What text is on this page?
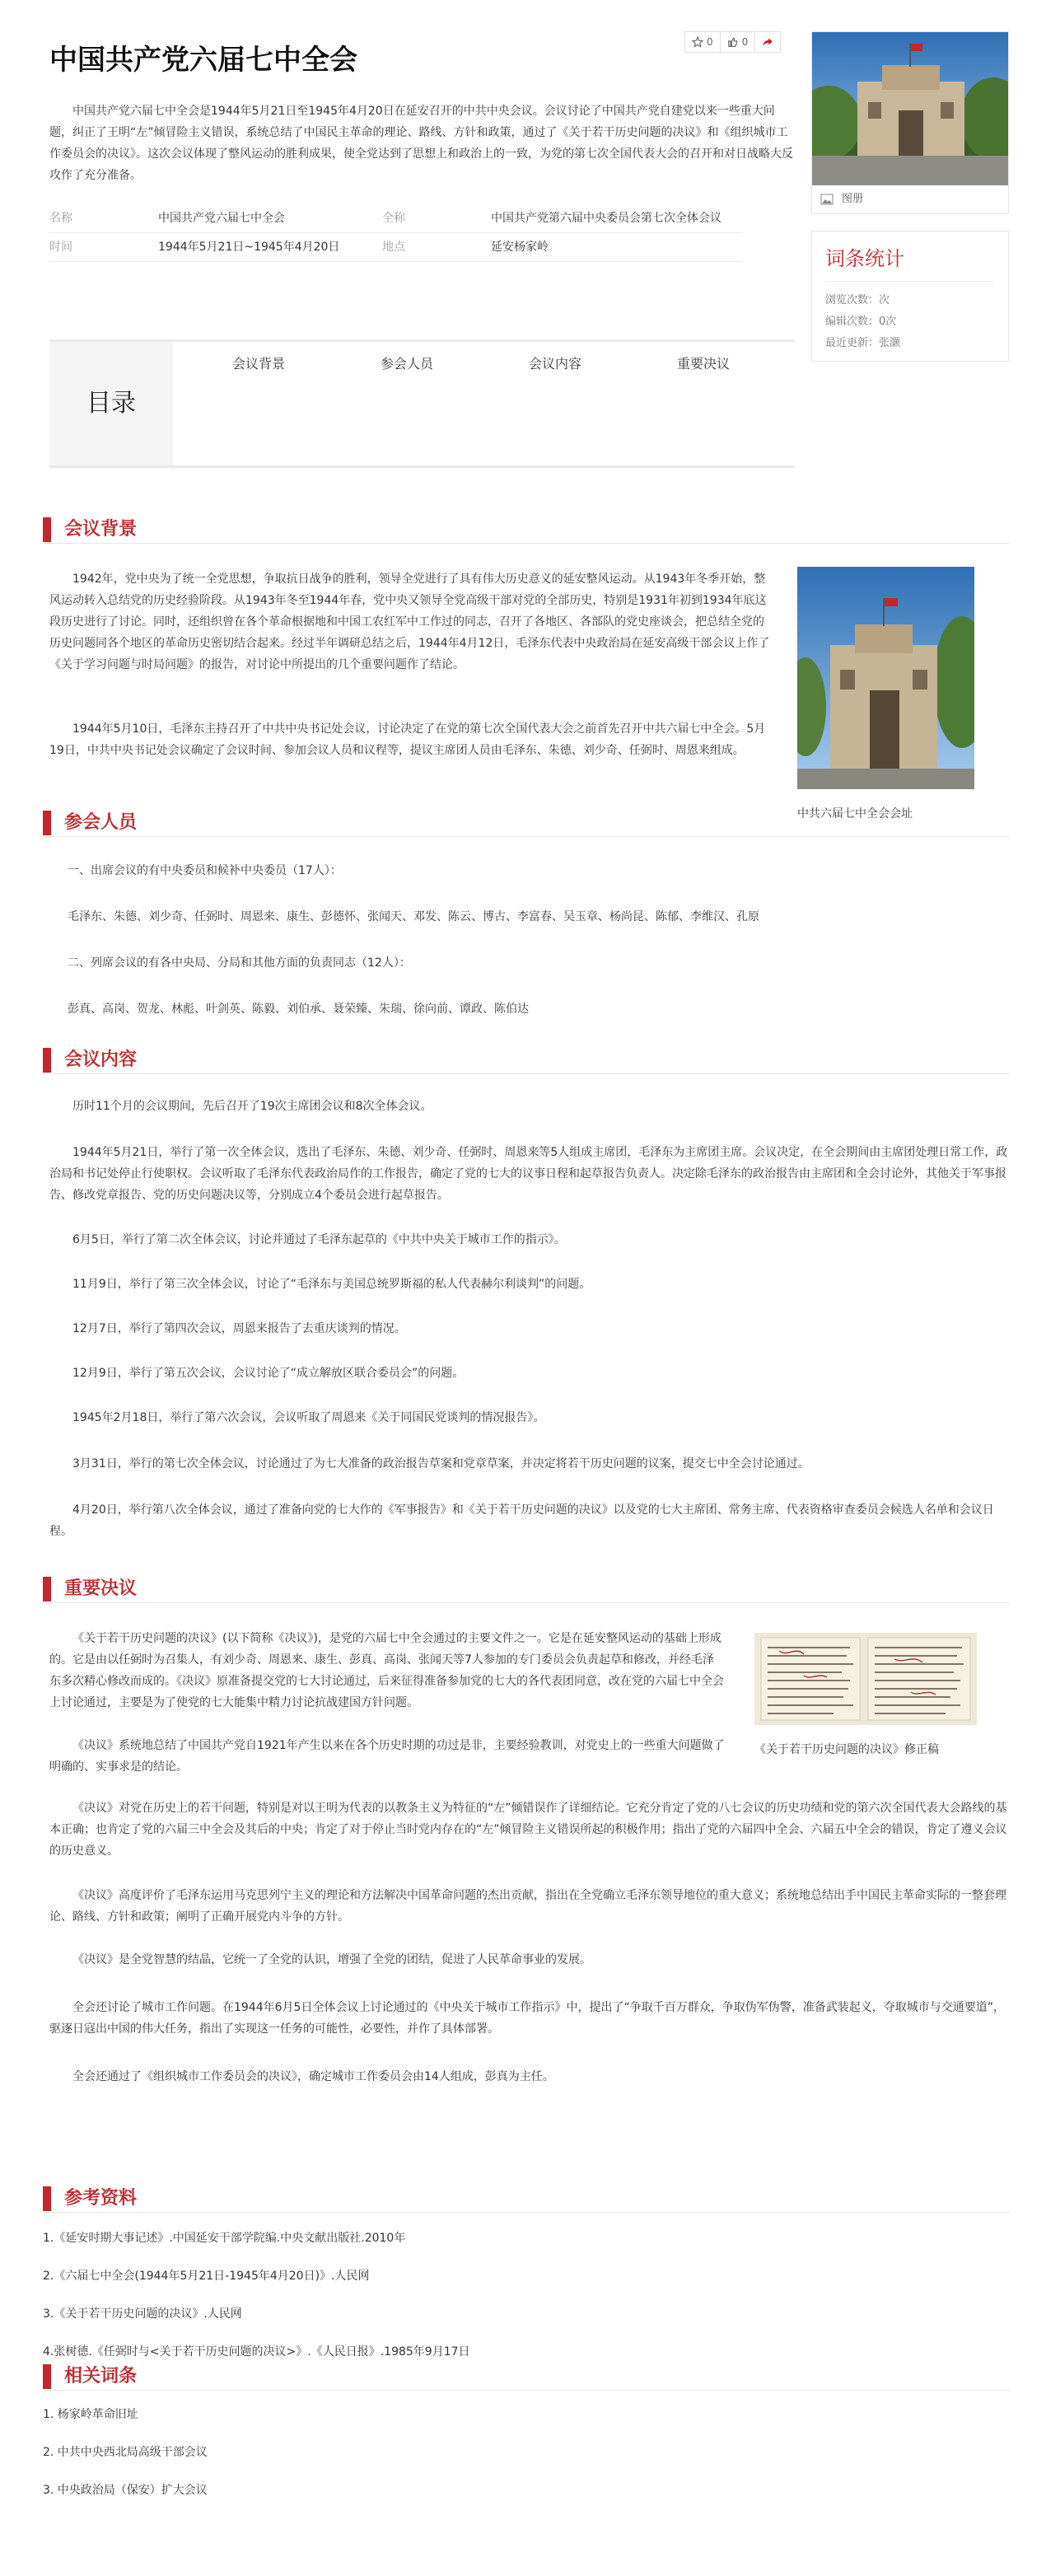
中国共产党六届七中全会

中国共产党六届七中全会是1944年5月21日至1945年4月20日在延安召开的中共中央会议。会议讨论了中国共产党自建党以来一些重大问题，纠正了王明“左”倾冒险主义错误，系统总结了中国民主革命的理论、路线、方针和政策，通过了《关于若干历史问题的决议》和《组织城市工作委员会的决议》。这次会议体现了整风运动的胜利成果，使全党达到了思想上和政治上的一致，为党的第七次全国代表大会的召开和对日战略大反攻作了充分准备。

名称	中国共产党六届七中全会	全称	中国共产党第六届中央委员会第七次全体会议
时间	1944年5月21日~1945年4月20日	地点	延安杨家岭
0	0
图册
词条统计
浏览次数：次
编辑次数：0次
最近更新：张灏
目录
会议背景	参会人员	会议内容	重要决议
会议背景

1942年，党中央为了统一全党思想，争取抗日战争的胜利，领导全党进行了具有伟大历史意义的延安整风运动。从1943年冬季开始，整风运动转入总结党的历史经验阶段。从1943年冬至1944年春，党中央又领导全党高级干部对党的全部历史，特别是1931年初到1934年底这段历史进行了讨论。同时，还组织曾在各个革命根据地和中国工农红军中工作过的同志，召开了各地区、各部队的党史座谈会，把总结全党的历史问题同各个地区的革命历史密切结合起来。经过半年调研总结之后，1944年4月12日，毛泽东代表中央政治局在延安高级干部会议上作了《关于学习问题与时局问题》的报告，对讨论中所提出的几个重要问题作了结论。

1944年5月10日，毛泽东主持召开了中共中央书记处会议，讨论决定了在党的第七次全国代表大会之前首先召开中共六届七中全会。5月19日，中共中央书记处会议确定了会议时间、参加会议人员和议程等，提议主席团人员由毛泽东、朱德、刘少奇、任弼时、周恩来组成。

中共六届七中全会会址
参会人员

一、出席会议的有中央委员和候补中央委员（17人）：

毛泽东、朱德、刘少奇、任弼时、周恩来、康生、彭德怀、张闻天、邓发、陈云、博古、李富春、吴玉章、杨尚昆、陈郁、李维汉、孔原

二、列席会议的有各中央局、分局和其他方面的负责同志（12人）：

彭真、高岗、贺龙、林彪、叶剑英、陈毅、刘伯承、聂荣臻、朱瑞、徐向前、谭政、陈伯达

会议内容

历时11个月的会议期间，先后召开了19次主席团会议和8次全体会议。

1944年5月21日，举行了第一次全体会议，选出了毛泽东、朱德、刘少奇、任弼时、周恩来等5人组成主席团，毛泽东为主席团主席。会议决定，在全会期间由主席团处理日常工作，政治局和书记处停止行使职权。会议听取了毛泽东代表政治局作的工作报告，确定了党的七大的议事日程和起草报告负责人。决定除毛泽东的政治报告由主席团和全会讨论外，其他关于军事报告、修改党章报告、党的历史问题决议等，分别成立4个委员会进行起草报告。

6月5日，举行了第二次全体会议，讨论并通过了毛泽东起草的《中共中央关于城市工作的指示》。

11月9日，举行了第三次全体会议，讨论了“毛泽东与美国总统罗斯福的私人代表赫尔利谈判”的问题。

12月7日，举行了第四次会议，周恩来报告了去重庆谈判的情况。

12月9日，举行了第五次会议，会议讨论了“成立解放区联合委员会”的问题。

1945年2月18日，举行了第六次会议，会议听取了周恩来《关于同国民党谈判的情况报告》。

3月31日，举行的第七次全体会议，讨论通过了为七大准备的政治报告草案和党章草案，并决定将若干历史问题的议案，提交七中全会讨论通过。

4月20日，举行第八次全体会议，通过了准备向党的七大作的《军事报告》和《关于若干历史问题的决议》以及党的七大主席团、常务主席、代表资格审查委员会候选人名单和会议日程。

重要决议

《关于若干历史问题的决议》(以下简称《决议》)，是党的六届七中全会通过的主要文件之一。它是在延安整风运动的基础上形成的。它是由以任弼时为召集人，有刘少奇、周恩来、康生、彭真、高岗、张闻天等7人参加的专门委员会负责起草和修改，并经毛泽东多次精心修改而成的。《决议》原准备提交党的七大讨论通过，后来征得准备参加党的七大的各代表团同意，改在党的六届七中全会上讨论通过，主要是为了使党的七大能集中精力讨论抗战建国方针问题。

《决议》系统地总结了中国共产党自1921年产生以来在各个历史时期的功过是非，主要经验教训，对党史上的一些重大问题做了明确的、实事求是的结论。

《决议》对党在历史上的若干问题，特别是对以王明为代表的以教条主义为特征的“左”倾错误作了详细结论。它充分肯定了党的八七会议的历史功绩和党的第六次全国代表大会路线的基本正确；也肯定了党的六届三中全会及其后的中央；肯定了对于停止当时党内存在的“左”倾冒险主义错误所起的积极作用；指出了党的六届四中全会、六届五中全会的错误，肯定了遵义会议的历史意义。

《决议》高度评价了毛泽东运用马克思列宁主义的理论和方法解决中国革命问题的杰出贡献，指出在全党确立毛泽东领导地位的重大意义；系统地总结出手中国民主革命实际的一整套理论、路线、方针和政策；阐明了正确开展党内斗争的方针。

《决议》是全党智慧的结晶，它统一了全党的认识，增强了全党的团结，促进了人民革命事业的发展。

全会还讨论了城市工作问题。在1944年6月5日全体会议上讨论通过的《中央关于城市工作指示》中，提出了“争取千百万群众，争取伪军伪警，准备武装起义，夺取城市与交通要道”，驱逐日寇出中国的伟大任务，指出了实现这一任务的可能性，必要性，并作了具体部署。

全会还通过了《组织城市工作委员会的决议》，确定城市工作委员会由14人组成，彭真为主任。

《关于若干历史问题的决议》修正稿
参考资料
1.《延安时期大事记述》.中国延安干部学院编.中央文献出版社.2010年
2.《六届七中全会(1944年5月21日-1945年4月20日)》.人民网
3.《关于若干历史问题的决议》.人民网
4.张树德.《任弼时与<关于若干历史问题的决议>》.《人民日报》.1985年9月17日
相关词条
1. 杨家岭革命旧址
2. 中共中央西北局高级干部会议
3. 中央政治局（保安）扩大会议
